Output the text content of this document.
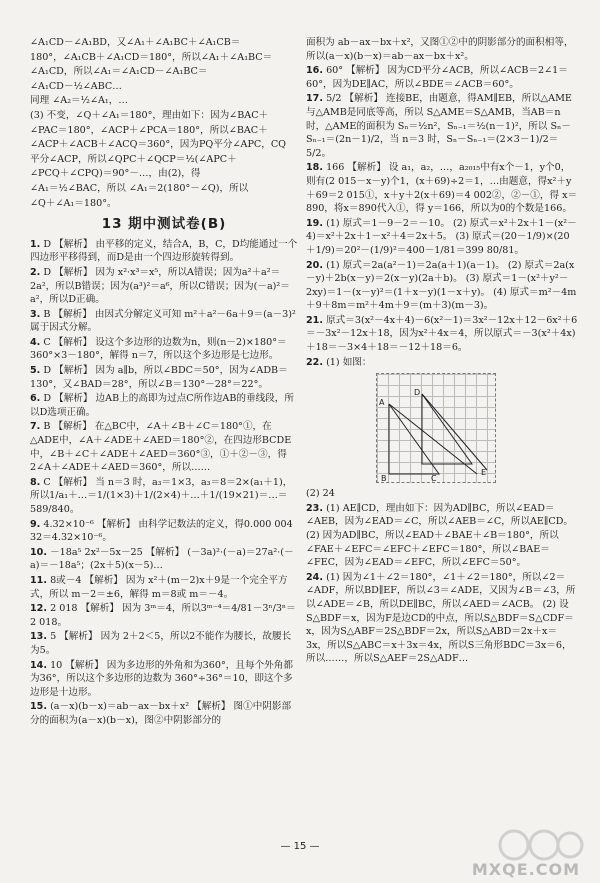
∠A₁CD－∠A₁BD，又∠A₁＋∠A₁BC＋∠A₁CB＝
180°，∠A₁CB＋∠A₁CD＝180°，所以∠A₁＋∠A₁BC＝
∠A₁CD，所以∠A₁＝∠A₁CD－∠A₁BC＝
∠A₁CD－½∠ABC…
同理 ∠A₂＝½∠A₁，…
(3) 不变，∠Q＋∠A₁＝180°，理由如下：因为∠BAC＋
∠PAC＝180°，∠ACP＋∠PCA＝180°，所以∠BAC＋
∠ACP＋∠ACB＋∠ACQ＝360°，因为PQ平分∠APC，CQ
平分∠ACP，所以∠QPC＋∠QCP＝½(∠APC＋
∠PCQ＋∠CPQ)＝90°－…，由(2)，得
∠A₁＝½∠BAC，所以 ∠A₁＝2(180°－∠Q)，所以
∠Q＋∠A₁＝180°。
13 期中测试卷(B)
1. D 【解析】 由平移的定义，结合A，B，C，D均能通过一个四边形平移得到，而D是由一个四边形旋转得到。
2. D 【解析】 因为 x²·x³＝x⁵，所以A错误；因为a²＋a²＝2a²，所以B错误；因为(a³)²＝a⁶，所以C错误；因为(－a)²＝a²，所以D正确。
3. B 【解析】 由因式分解定义可知 m²＋a²－6a＋9＝(a－3)²属于因式分解。
4. C 【解析】 设这个多边形的边数为n，则(n－2)×180°＝360°×3－180°，解得 n＝7，所以这个多边形是七边形。
5. D 【解析】 因为 a∥b，所以∠BDC＝50°，因为∠ADB＝130°，又∠BAD＝28°，所以∠B＝130°－28°＝22°。
6. D 【解析】 边AB上的高即为过点C所作边AB的垂线段，所以D选项正确。
7. B 【解析】 在△BC中，∠A＋∠B＋∠C＝180°①，在△ADE中，∠A＋∠ADE＋∠AED＝180°②，在四边形BCDE中，∠B＋∠C＋∠ADE＋∠AED＝360°③，①＋②－③，得2∠A＋∠ADE＋∠AED＝360°，所以……
8. C 【解析】 当 n＝3 时，a₃＝1×3，a₃＝8＝2×(a₁＋1)，所以1/a₁＋…＝1/(1×3)＋1/(2×4)＋…＋1/(19×21)＝…＝589/840。
9. 4.32×10⁻⁶ 【解析】 由科学记数法的定义，得0.000 004 32＝4.32×10⁻⁶。
10. －18a⁵ 2x²－5x－25 【解析】 (－3a)²·(－a)＝27a²·(－a)＝－18a⁵；(2x＋5)(x－5)…
11. 8或－4 【解析】 因为 x²＋(m－2)x＋9是一个完全平方式，所以 m－2＝±6，解得 m＝8或 m＝－4。
12. 2 018 【解析】 因为 3ᵐ＝4，所以3ᵐ⁻⁴＝4/81－3ⁿ/3ⁿ＝2 018。
13. 5 【解析】 因为 2＋2＜5，所以2不能作为腰长，故腰长为5。
14. 10 【解析】 因为多边形的外角和为360°，且每个外角都为36°，所以这个多边形的边数为 360°÷36°＝10，即这个多边形是十边形。
15. (a－x)(b－x)＝ab－ax－bx＋x² 【解析】 图①中阴影部分的面积为(a－x)(b－x)，图②中阴影部分的
面积为 ab－ax－bx＋x²，又图①②中的阴影部分的面积相等，所以(a－x)(b－x)＝ab－ax－bx＋x²。
16. 60° 【解析】 因为CD平分∠ACB，所以∠ACB＝2∠1＝60°，因为DE∥AC，所以∠BDE＝∠ACB＝60°。
17. 5/2 【解析】 连接BE，由题意，得AM∥EB，所以△AME与△AMB是同底等高，所以 S△AME＝S△AMB，当AB＝n时，△AME的面积为 Sₙ＝½n²，Sₙ₋₁＝½(n－1)²，所以 Sₙ－Sₙ₋₁＝(2n－1)/2，当 n＝3 时，Sₙ－Sₙ₋₁＝(2×3－1)/2＝5/2。
18. 166 【解析】 设 a₁，a₂，…，a₂₀₁₅中有x个－1，y个0，则有(2 015－x－y)个1，(x＋69)÷2＝1，…由题意，得x²＋y＋69＝2 015①，x＋y＋2(x＋69)＝4 002②，②－①，得 x＝890，将x＝890代入①，得 y＝166，所以为0的个数是166。
19. (1) 原式＝1－9－2＝－10。 (2) 原式＝x²＋2x＋1－(x²－4)＝x²＋2x＋1－x²＋4＝2x＋5。 (3) 原式＝(20－1/9)×(20＋1/9)＝20²－(1/9)²＝400－1/81＝399 80/81。
20. (1) 原式＝2a(a²－1)＝2a(a＋1)(a－1)。 (2) 原式＝2a(x－y)＋2b(x－y)＝2(x－y)(2a＋b)。 (3) 原式＝1－(x²＋y²－2xy)＝1－(x－y)²＝(1＋x－y)(1－x＋y)。 (4) 原式＝m²－4m＋9＋8m＝m²＋4m＋9＝(m＋3)(m－3)。
21. 原式＝3(x²－4x＋4)－6(x²－1)＝3x²－12x＋12－6x²＋6＝－3x²－12x＋18，因为x²＋4x＝4，所以原式＝－3(x²＋4x)＋18＝－3×4＋18＝－12＋18＝6。
22. (1) 如图：
A
B	C
D
E
(2) 24
23. (1) AE∥CD，理由如下：因为AD∥BC，所以∠EAD＝∠AEB，因为∠EAD＝∠C，所以∠AEB＝∠C，所以AE∥CD。 (2) 因为AD∥BC，所以∠EAD＋∠BAE＋∠B＝180°，所以∠FAE＋∠EFC＝∠EFC＋∠EFC＝180°，所以∠BAE＝∠FEC，因为∠EAD＝∠EFC，所以∠EFC＝50°。
24. (1) 因为∠1＋∠2＝180°，∠1＋∠2＝180°，所以∠2＝∠ADF，所以BD∥EF，所以∠3＝∠ADE，又因为∠B＝∠3，所以∠ADE＝∠B，所以DE∥BC，所以∠AED＝∠ACB。 (2) 设S△BDF＝x，因为F是边CD的中点，所以S△BDF＝S△CDF＝x，因为S△ABF＝2S△BDF＝2x，所以S△ABD＝2x＋x＝3x，所以S△ABC＝x＋3x＝4x，所以S三角形BDC＝3x＝6，所以……，所以S△AEF＝2S△ADF…
— 15 —
MXQE.COM
